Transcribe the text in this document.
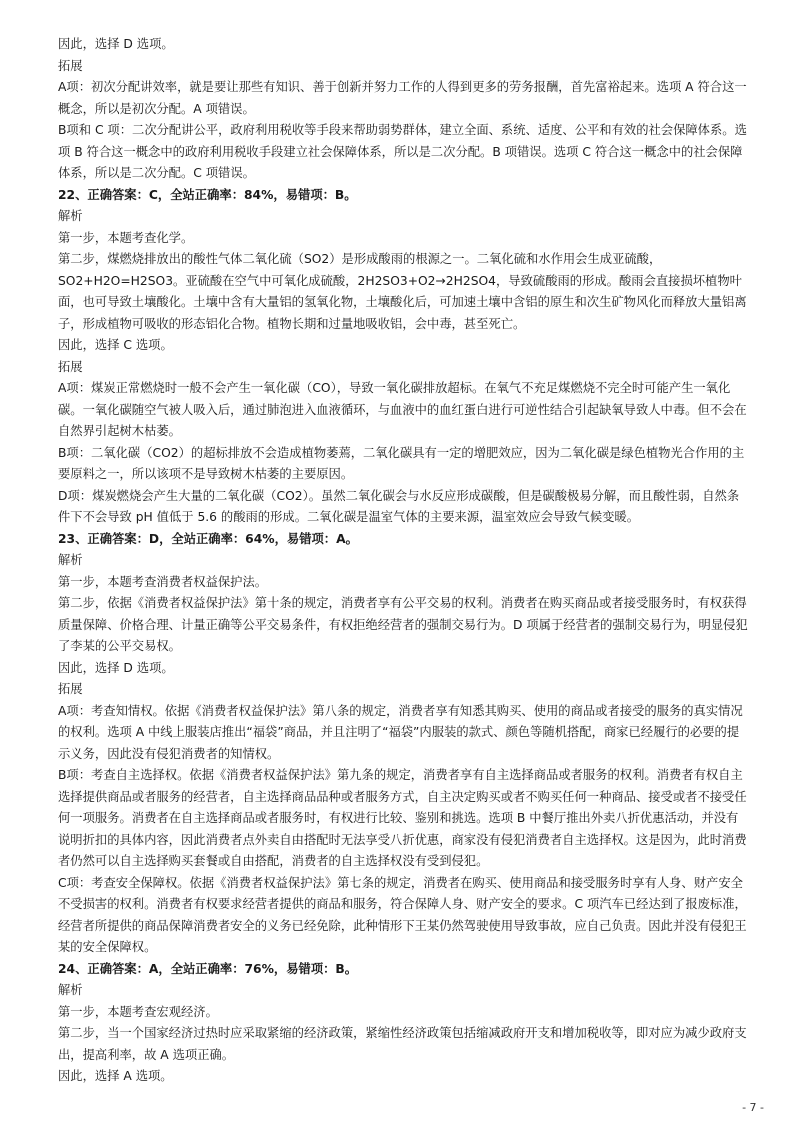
因此，选择 D 选项。

拓展

A项：初次分配讲效率，就是要让那些有知识、善于创新并努力工作的人得到更多的劳务报酬，首先富裕起来。选项 A 符合这一概念，所以是初次分配。A 项错误。

B项和 C 项：二次分配讲公平，政府利用税收等手段来帮助弱势群体，建立全面、系统、适度、公平和有效的社会保障体系。选项 B 符合这一概念中的政府利用税收手段建立社会保障体系，所以是二次分配。B 项错误。选项 C 符合这一概念中的社会保障体系，所以是二次分配。C 项错误。

22、正确答案：C，全站正确率：84%，易错项：B。

解析

第一步，本题考查化学。

第二步，煤燃烧排放出的酸性气体二氧化硫（SO2）是形成酸雨的根源之一。二氧化硫和水作用会生成亚硫酸，SO2+H2O=H2SO3。亚硫酸在空气中可氧化成硫酸，2H2SO3+O2→2H2SO4，导致硫酸雨的形成。酸雨会直接损坏植物叶面，也可导致土壤酸化。土壤中含有大量铝的氢氧化物，土壤酸化后，可加速土壤中含铝的原生和次生矿物风化而释放大量铝离子，形成植物可吸收的形态铝化合物。植物长期和过量地吸收铝，会中毒，甚至死亡。

因此，选择 C 选项。

拓展

A项：煤炭正常燃烧时一般不会产生一氧化碳（CO），导致一氧化碳排放超标。在氧气不充足煤燃烧不完全时可能产生一氧化碳。一氧化碳随空气被人吸入后，通过肺泡进入血液循环，与血液中的血红蛋白进行可逆性结合引起缺氧导致人中毒。但不会在自然界引起树木枯萎。

B项：二氧化碳（CO2）的超标排放不会造成植物萎蔫，二氧化碳具有一定的增肥效应，因为二氧化碳是绿色植物光合作用的主要原料之一，所以该项不是导致树木枯萎的主要原因。

D项：煤炭燃烧会产生大量的二氧化碳（CO2）。虽然二氧化碳会与水反应形成碳酸，但是碳酸极易分解，而且酸性弱，自然条件下不会导致 pH 值低于 5.6 的酸雨的形成。二氧化碳是温室气体的主要来源，温室效应会导致气候变暖。

23、正确答案：D，全站正确率：64%，易错项：A。

解析

第一步，本题考查消费者权益保护法。

第二步，依据《消费者权益保护法》第十条的规定，消费者享有公平交易的权利。消费者在购买商品或者接受服务时，有权获得质量保障、价格合理、计量正确等公平交易条件，有权拒绝经营者的强制交易行为。D 项属于经营者的强制交易行为，明显侵犯了李某的公平交易权。

因此，选择 D 选项。

拓展

A项：考查知情权。依据《消费者权益保护法》第八条的规定，消费者享有知悉其购买、使用的商品或者接受的服务的真实情况的权利。选项 A 中线上服装店推出“福袋”商品，并且注明了“福袋”内服装的款式、颜色等随机搭配，商家已经履行的必要的提示义务，因此没有侵犯消费者的知情权。

B项：考查自主选择权。依据《消费者权益保护法》第九条的规定，消费者享有自主选择商品或者服务的权利。消费者有权自主选择提供商品或者服务的经营者，自主选择商品品种或者服务方式，自主决定购买或者不购买任何一种商品、接受或者不接受任何一项服务。消费者在自主选择商品或者服务时，有权进行比较、鉴别和挑选。选项 B 中餐厅推出外卖八折优惠活动，并没有说明折扣的具体内容，因此消费者点外卖自由搭配时无法享受八折优惠，商家没有侵犯消费者自主选择权。这是因为，此时消费者仍然可以自主选择购买套餐或自由搭配，消费者的自主选择权没有受到侵犯。

C项：考查安全保障权。依据《消费者权益保护法》第七条的规定，消费者在购买、使用商品和接受服务时享有人身、财产安全不受损害的权利。消费者有权要求经营者提供的商品和服务，符合保障人身、财产安全的要求。C 项汽车已经达到了报废标准，经营者所提供的商品保障消费者安全的义务已经免除，此种情形下王某仍然驾驶使用导致事故，应自己负责。因此并没有侵犯王某的安全保障权。

24、正确答案：A，全站正确率：76%，易错项：B。

解析

第一步，本题考查宏观经济。

第二步，当一个国家经济过热时应采取紧缩的经济政策，紧缩性经济政策包括缩减政府开支和增加税收等，即对应为减少政府支出，提高利率，故 A 选项正确。

因此，选择 A 选项。

- 7 -
